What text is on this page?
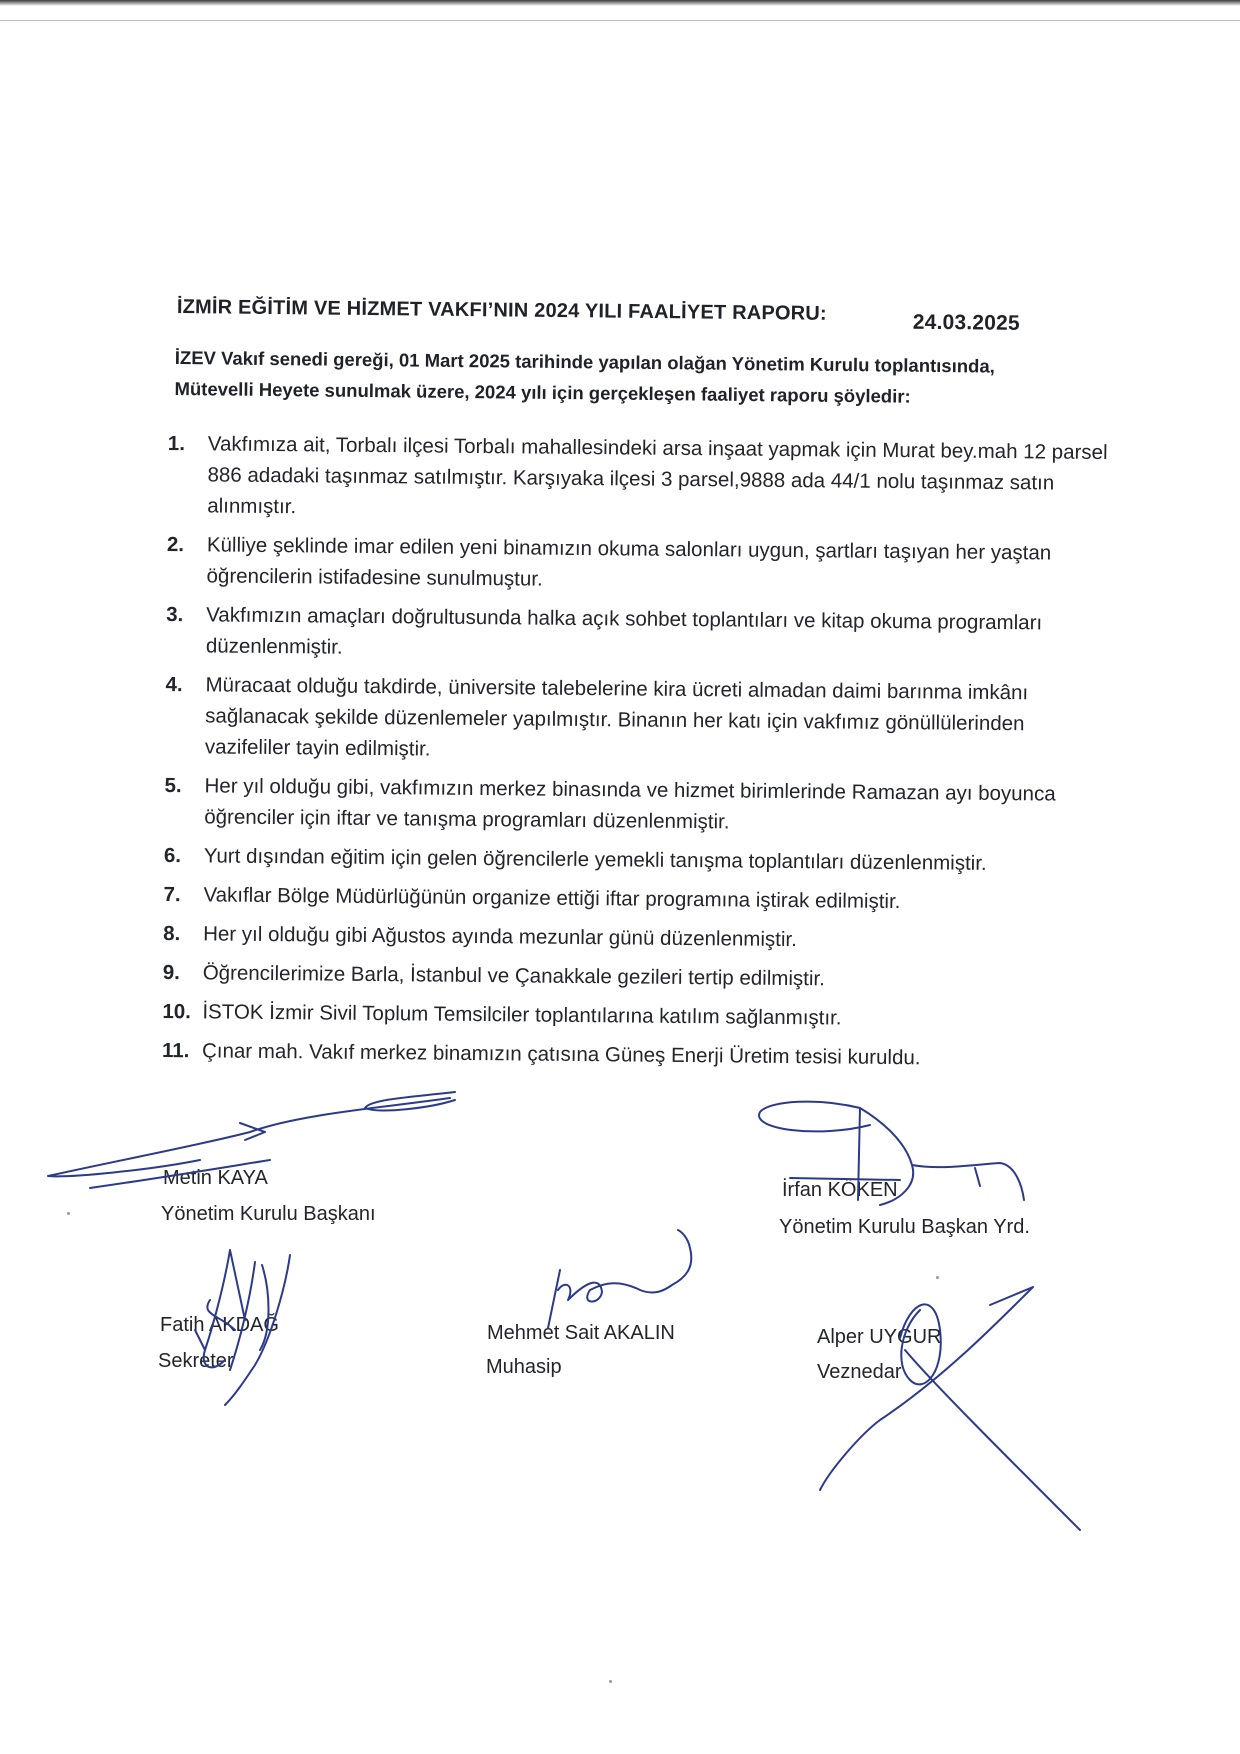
İZMİR EĞİTİM VE HİZMET VAKFI’NIN 2024 YILI FAALİYET RAPORU:	24.03.2025
İZEV Vakıf senedi gereği, 01 Mart 2025 tarihinde yapılan olağan Yönetim Kurulu toplantısında,
Mütevelli Heyete sunulmak üzere, 2024 yılı için gerçekleşen faaliyet raporu şöyledir:
1.	Vakfımıza ait, Torbalı ilçesi Torbalı mahallesindeki arsa inşaat yapmak için Murat bey.mah 12 parsel 886 adadaki taşınmaz satılmıştır. Karşıyaka ilçesi 3 parsel,9888 ada 44/1 nolu taşınmaz satın alınmıştır.
2.	Külliye şeklinde imar edilen yeni binamızın okuma salonları uygun, şartları taşıyan her yaştan öğrencilerin istifadesine sunulmuştur.
3.	Vakfımızın amaçları doğrultusunda halka açık sohbet toplantıları ve kitap okuma programları düzenlenmiştir.
4.	Müracaat olduğu takdirde, üniversite talebelerine kira ücreti almadan daimi barınma imkânı sağlanacak şekilde düzenlemeler yapılmıştır. Binanın her katı için vakfımız gönüllülerinden vazifeliler tayin edilmiştir.
5.	Her yıl olduğu gibi, vakfımızın merkez binasında ve hizmet birimlerinde Ramazan ayı boyunca öğrenciler için iftar ve tanışma programları düzenlenmiştir.
6.	Yurt dışından eğitim için gelen öğrencilerle yemekli tanışma toplantıları düzenlenmiştir.
7.	Vakıflar Bölge Müdürlüğünün organize ettiği iftar programına iştirak edilmiştir.
8.	Her yıl olduğu gibi Ağustos ayında mezunlar günü düzenlenmiştir.
9.	Öğrencilerimize Barla, İstanbul ve Çanakkale gezileri tertip edilmiştir.
10. İSTOK İzmir Sivil Toplum Temsilciler toplantılarına katılım sağlanmıştır.
11. Çınar mah. Vakıf merkez binamızın çatısına Güneş Enerji Üretim tesisi kuruldu.
Metin KAYA
Yönetim Kurulu Başkanı
İrfan KÖKEN
Yönetim Kurulu Başkan Yrd.
Fatih AKDAĞ
Sekreter
Mehmet Sait AKALIN
Muhasip
Alper UYGUR
Veznedar
